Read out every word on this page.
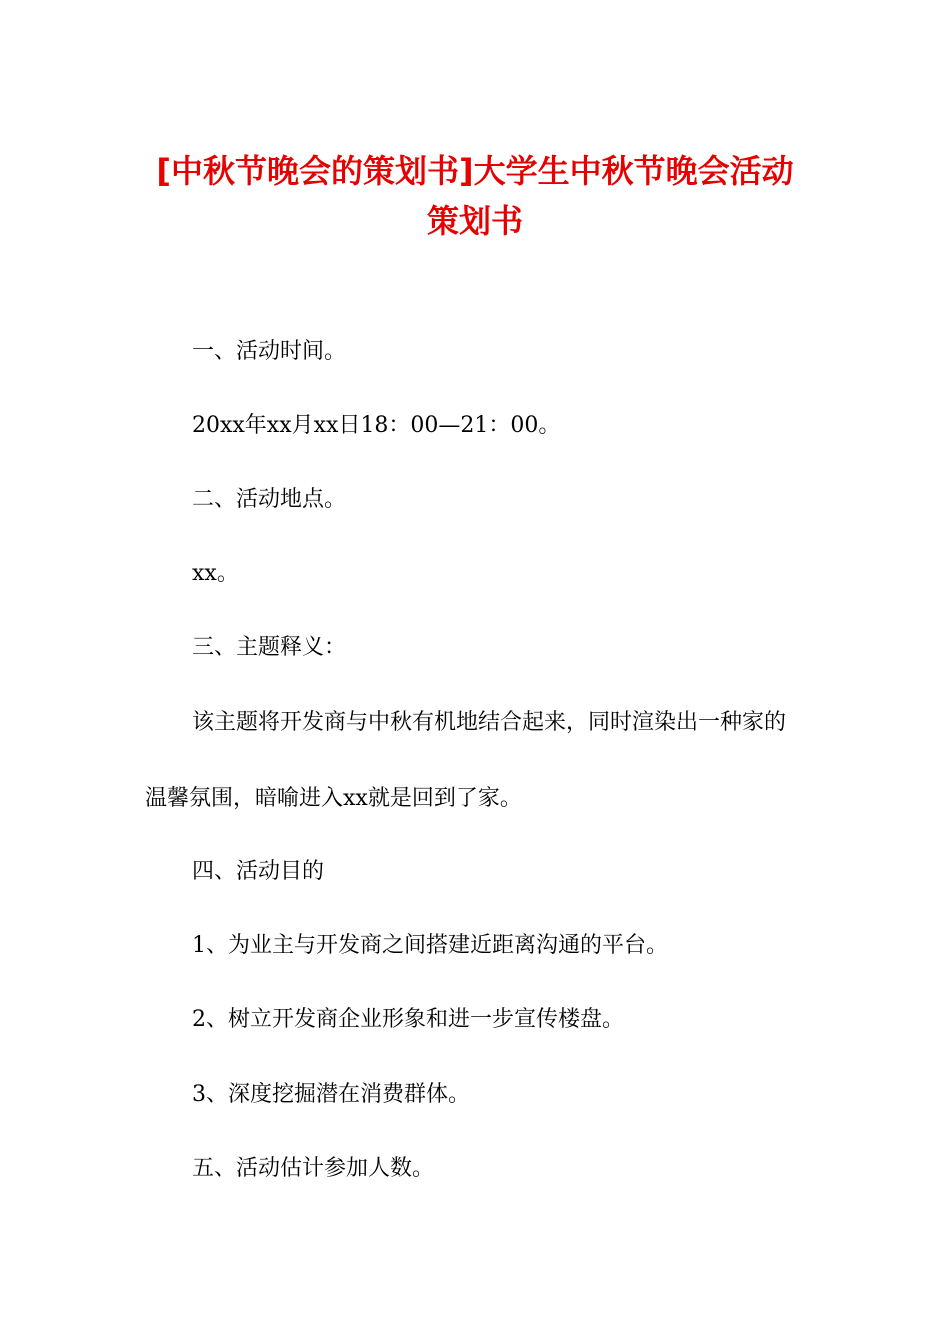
[中秋节晚会的策划书]大学生中秋节晚会活动策划书

一、活动时间。

20xx年xx月xx日18：00—21：00。

二、活动地点。

xx。

三、主题释义：

该主题将开发商与中秋有机地结合起来，同时渲染出一种家的温馨氛围，暗喻进入xx就是回到了家。

四、活动目的

1、为业主与开发商之间搭建近距离沟通的平台。

2、树立开发商企业形象和进一步宣传楼盘。

3、深度挖掘潜在消费群体。

五、活动估计参加人数。
